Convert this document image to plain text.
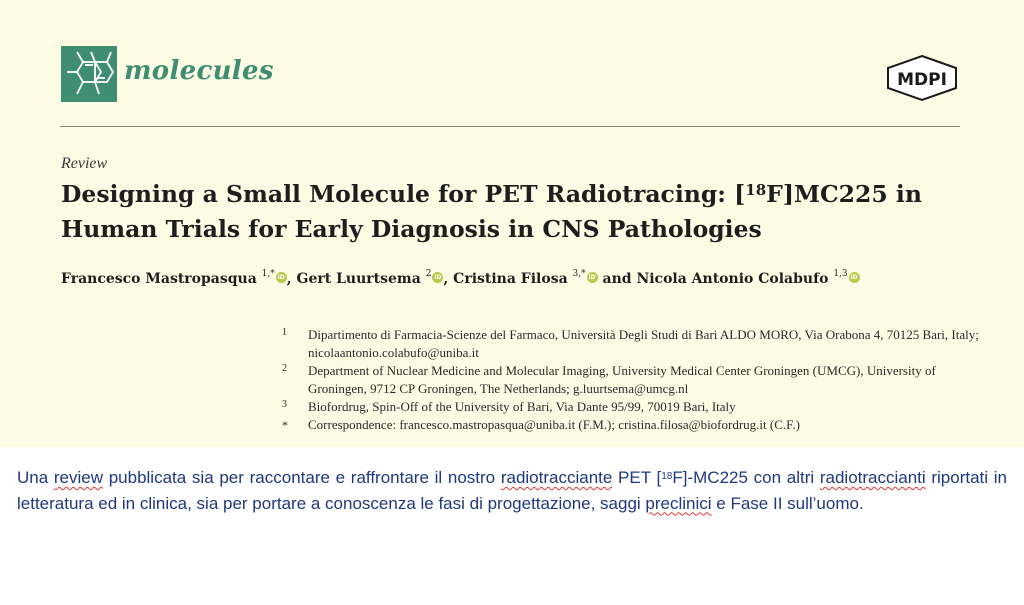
molecules	MDPI
Review
Designing a Small Molecule for PET Radiotracing: [$^{18}$F]MC225 in Human Trials for Early Diagnosis in CNS Pathologies
Francesco Mastropasqua $^{1,*}$ iD , Gert Luurtsema $^2$ iD , Cristina Filosa $^{3,*}$ iD and Nicola Antonio Colabufo $^{1,3}$ iD
1 Dipartimento di Farmacia-Scienze del Farmaco, Università Degli Studi di Bari ALDO MORO, Via Orabona 4, 70125 Bari, Italy; nicolaantonio.colabufo@uniba.it
2 Department of Nuclear Medicine and Molecular Imaging, University Medical Center Groningen (UMCG), University of Groningen, 9712 CP Groningen, The Netherlands; g.luurtsema@umcg.nl
3 Biofordrug, Spin-Off of the University of Bari, Via Dante 95/99, 70019 Bari, Italy
* Correspondence: francesco.mastropasqua@uniba.it (F.M.); cristina.filosa@biofordrug.it (C.F.)
Una review pubblicata sia per raccontare e raffrontare il nostro radiotracciante PET [$^{18}$F]-MC225 con altri radiotraccianti riportati in letteratura ed in clinica, sia per portare a conoscenza le fasi di progettazione, saggi preclinici e Fase II sull’uomo.
